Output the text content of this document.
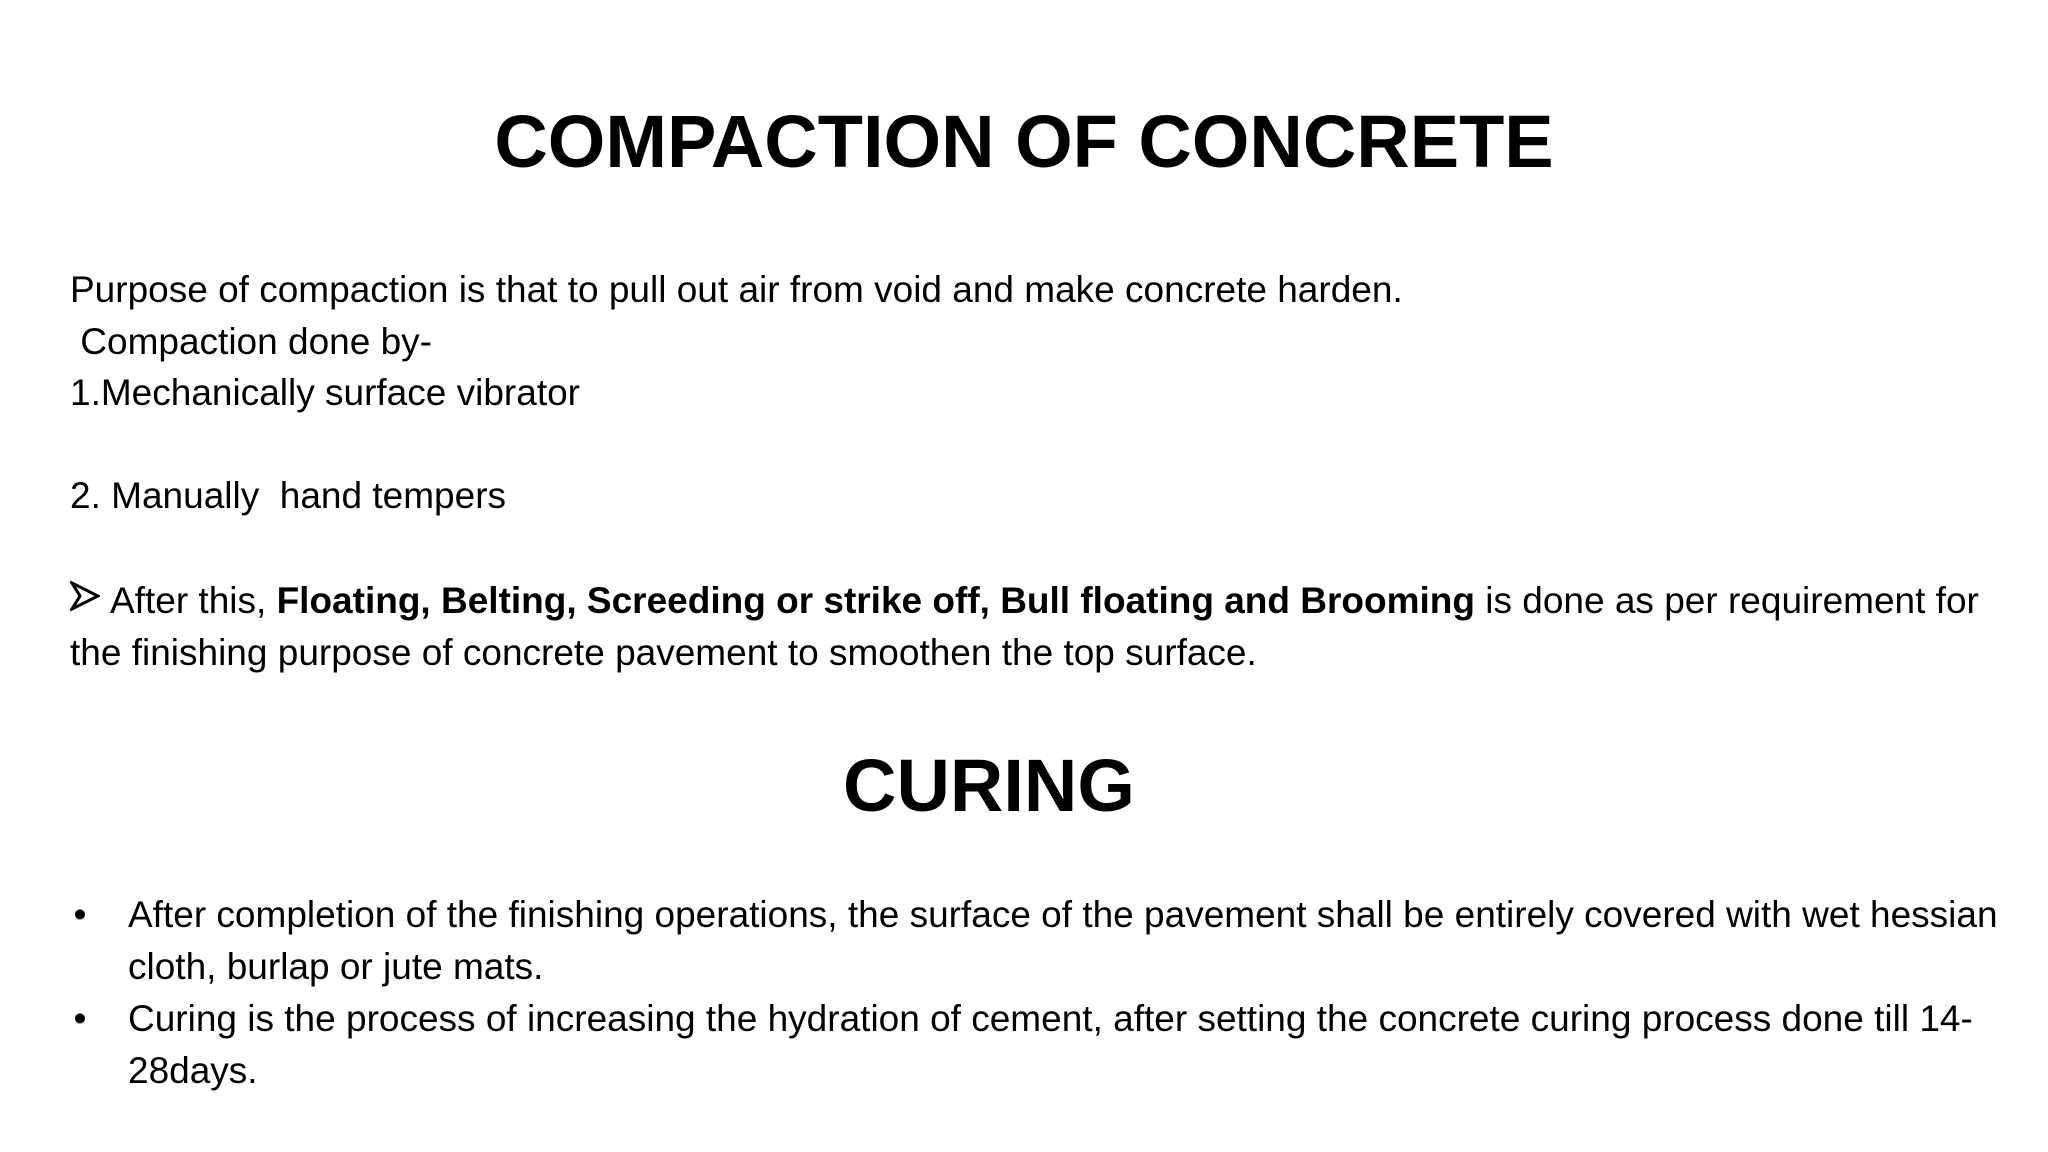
COMPACTION OF CONCRETE

Purpose of compaction is that to pull out air from void and make concrete harden.

Compaction done by-

1.Mechanically surface vibrator

2. Manually  hand tempers

After this, Floating, Belting, Screeding or strike off, Bull floating and Brooming is done as per requirement for the finishing purpose of concrete pavement to smoothen the top surface.

CURING
• After completion of the finishing operations, the surface of the pavement shall be entirely covered with wet hessian cloth, burlap or jute mats.
• Curing is the process of increasing the hydration of cement, after setting the concrete curing process done till 14-28days.
